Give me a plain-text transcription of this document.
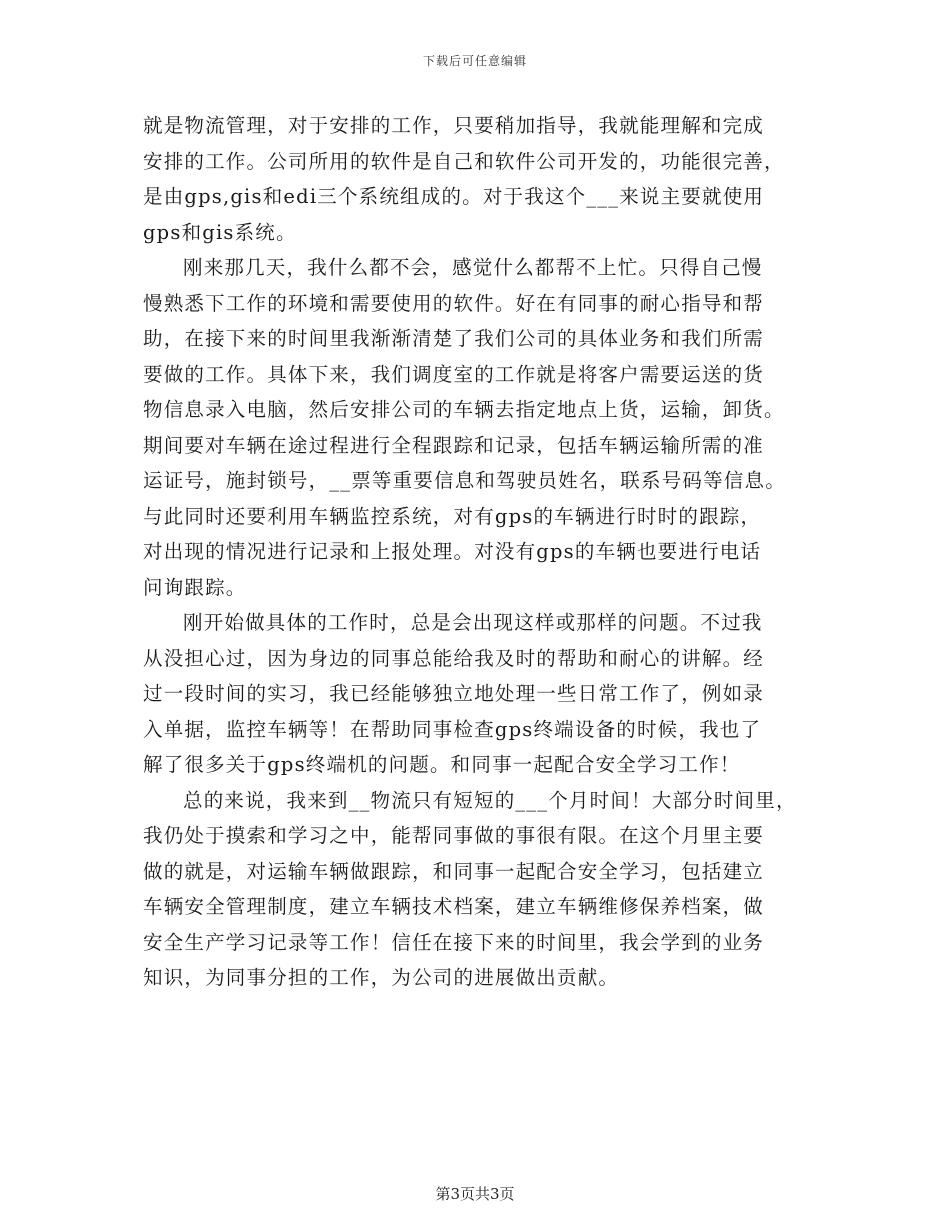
下载后可任意编辑
就是物流管理，对于安排的工作，只要稍加指导，我就能理解和完成
安排的工作。公司所用的软件是自己和软件公司开发的，功能很完善，
是由gps,gis和edi三个系统组成的。对于我这个___来说主要就使用
gps和gis系统。
刚来那几天，我什么都不会，感觉什么都帮不上忙。只得自己慢
慢熟悉下工作的环境和需要使用的软件。好在有同事的耐心指导和帮
助，在接下来的时间里我渐渐清楚了我们公司的具体业务和我们所需
要做的工作。具体下来，我们调度室的工作就是将客户需要运送的货
物信息录入电脑，然后安排公司的车辆去指定地点上货，运输，卸货。
期间要对车辆在途过程进行全程跟踪和记录，包括车辆运输所需的准
运证号，施封锁号，__票等重要信息和驾驶员姓名，联系号码等信息。
与此同时还要利用车辆监控系统，对有gps的车辆进行时时的跟踪，
对出现的情况进行记录和上报处理。对没有gps的车辆也要进行电话
问询跟踪。
刚开始做具体的工作时，总是会出现这样或那样的问题。不过我
从没担心过，因为身边的同事总能给我及时的帮助和耐心的讲解。经
过一段时间的实习，我已经能够独立地处理一些日常工作了，例如录
入单据，监控车辆等！在帮助同事检查gps终端设备的时候，我也了
解了很多关于gps终端机的问题。和同事一起配合安全学习工作！
总的来说，我来到__物流只有短短的___个月时间！大部分时间里，
我仍处于摸索和学习之中，能帮同事做的事很有限。在这个月里主要
做的就是，对运输车辆做跟踪，和同事一起配合安全学习，包括建立
车辆安全管理制度，建立车辆技术档案，建立车辆维修保养档案，做
安全生产学习记录等工作！信任在接下来的时间里，我会学到的业务
知识，为同事分担的工作，为公司的进展做出贡献。
第3页共3页
